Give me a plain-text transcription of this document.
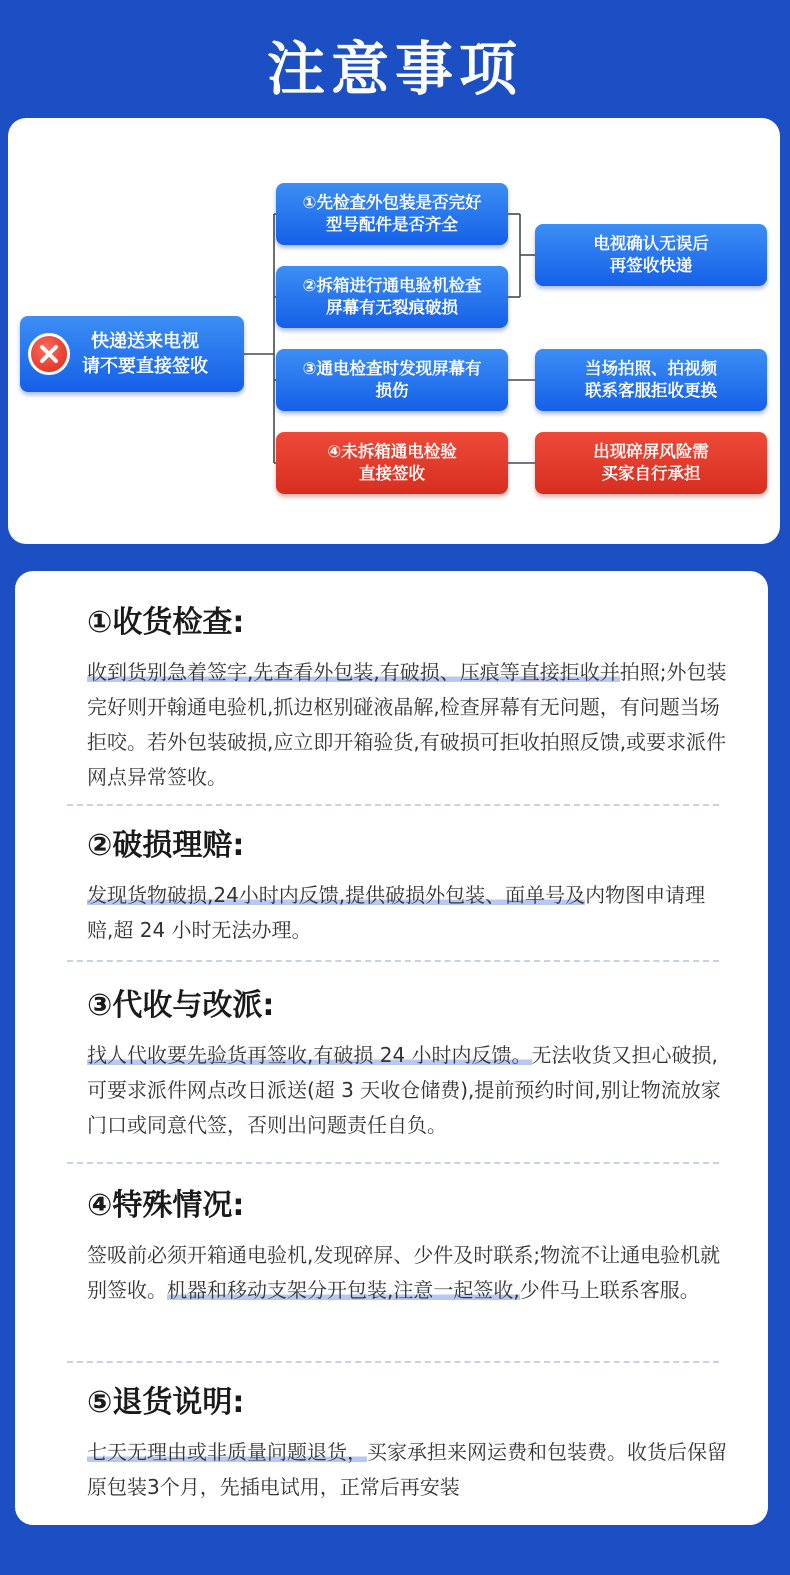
注意事项
快递送来电视
请不要直接签收
①先检查外包装是否完好
型号配件是否齐全
②拆箱进行通电验机检查
屏幕有无裂痕破损
③通电检查时发现屏幕有
损伤
④未拆箱通电检验
直接签收
电视确认无误后
再签收快递
当场拍照、拍视频
联系客服拒收更换
出现碎屏风险需
买家自行承担
①收货检查:
收到货别急着签字,先查看外包装,有破损、压痕等直接拒收并拍照;外包装完好则开翰通电验机,抓边枢别碰液晶解,检查屏幕有无问题，有问题当场拒咬。若外包装破损,应立即开箱验货,有破损可拒收拍照反馈,或要求派件网点异常签收。
②破损理赔:
发现货物破损,24小时内反馈,提供破损外包装、面单号及内物图申请理赔,超 24 小时无法办理。
③代收与改派:
找人代收要先验货再签收,有破损 24 小时内反馈。无法收货又担心破损,可要求派件网点改日派送(超 3 天收仓储费),提前预约时间,别让物流放家门口或同意代签，否则出问题责任自负。
④特殊情况:
签吸前必须开箱通电验机,发现碎屏、少件及时联系;物流不让通电验机就别签收。机器和移动支架分开包装,注意一起签收,少件马上联系客服。
⑤退货说明:
七天无理由或非质量问题退货，买家承担来网运费和包装费。收货后保留原包装3个月，先插电试用，正常后再安装
